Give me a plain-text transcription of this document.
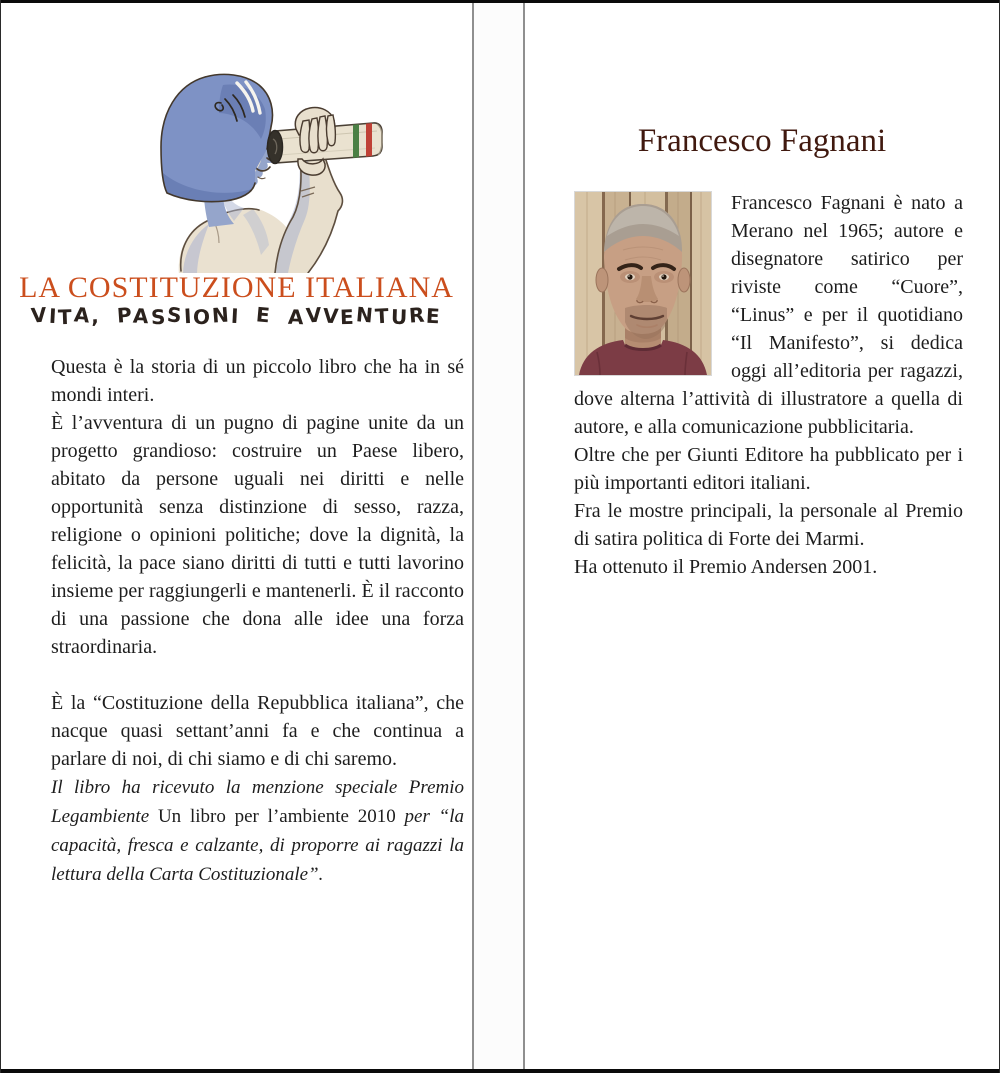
LA COSTITUZIONE ITALIANA
VITA, PASSIONI E AVVENTURE

Questa è la storia di un piccolo libro che ha in sé mondi interi.

È l’avventura di un pugno di pagine unite da un progetto grandioso: costruire un Paese libero, abitato da persone uguali nei diritti e nelle opportunità senza distinzione di sesso, razza, religione o opinioni politiche; dove la dignità, la felicità, la pace siano diritti di tutti e tutti lavorino insieme per raggiungerli e mantenerli. È il racconto di una passione che dona alle idee una forza straordinaria.

È la “Costituzione della Repubblica italiana”, che nacque quasi settant’anni fa e che continua a parlare di noi, di chi siamo e di chi saremo.

Il libro ha ricevuto la menzione speciale Premio Legambiente Un libro per l’ambiente 2010 per “la capacità, fresca e calzante, di proporre ai ragazzi la lettura della Carta Costituzionale”.

Francesco Fagnani

Francesco Fagnani è nato a Merano nel 1965; autore e disegnatore satirico per riviste come “Cuore”, “Linus” e per il quotidiano “Il Manifesto”, si dedica oggi all’editoria per ragazzi, dove alterna l’attività di illustratore a quella di autore, e alla comunicazione pubblicitaria.

Oltre che per Giunti Editore ha pubblicato per i più importanti editori italiani.

Fra le mostre principali, la personale al Premio di satira politica di Forte dei Marmi.

Ha ottenuto il Premio Andersen 2001.
